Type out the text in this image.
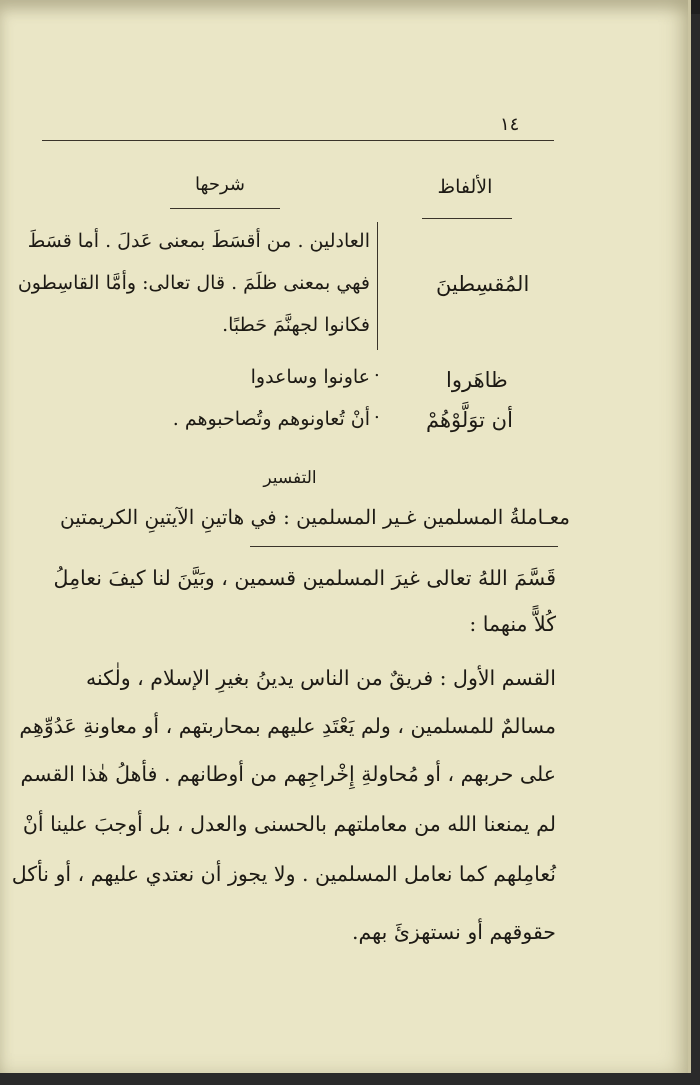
١٤
الألفاظ
شرحها
المُقسِطينَ
العادلين . من أقسَطَ بمعنى عَدلَ . أما قسَطَ
فهي بمعنى ظلَمَ . قال تعالى: وأمَّا القاسِطون
فكانوا لجهنَّمَ حَطبًا.
ظاهَروا
.
عاونوا وساعدوا
أن توَلَّوْهُمْ
.
أنْ تُعاونوهم وتُصاحبوهم .
التفسير
معـاملةُ المسلمين غـير المسلمين : في هاتينِ الآيتينِ الكريمتين
قَسَّمَ اللهُ تعالى غيرَ المسلمين قسمين ، وبَيَّنَ لنا كيفَ نعامِلُ
كُلاًّ منهما :
القسم الأول : فريقٌ من الناس يدينُ بغيرِ الإسلام ، ولٰكنه
مسالمٌ للمسلمين ، ولم يَعْتَدِ عليهم بمحاربتهم ، أو معاونةِ عَدُوِّهِم
على حربهم ، أو مُحاولةِ إِخْراجِهم من أوطانهم . فأهلُ هٰذا القسم
لم يمنعنا الله من معاملتهم بالحسنى والعدل ، بل أوجبَ علينا أنْ
نُعامِلهم كما نعامل المسلمين . ولا يجوز أن نعتدي عليهم ، أو نأكل
حقوقهم أو نستهزئَ بهم.
